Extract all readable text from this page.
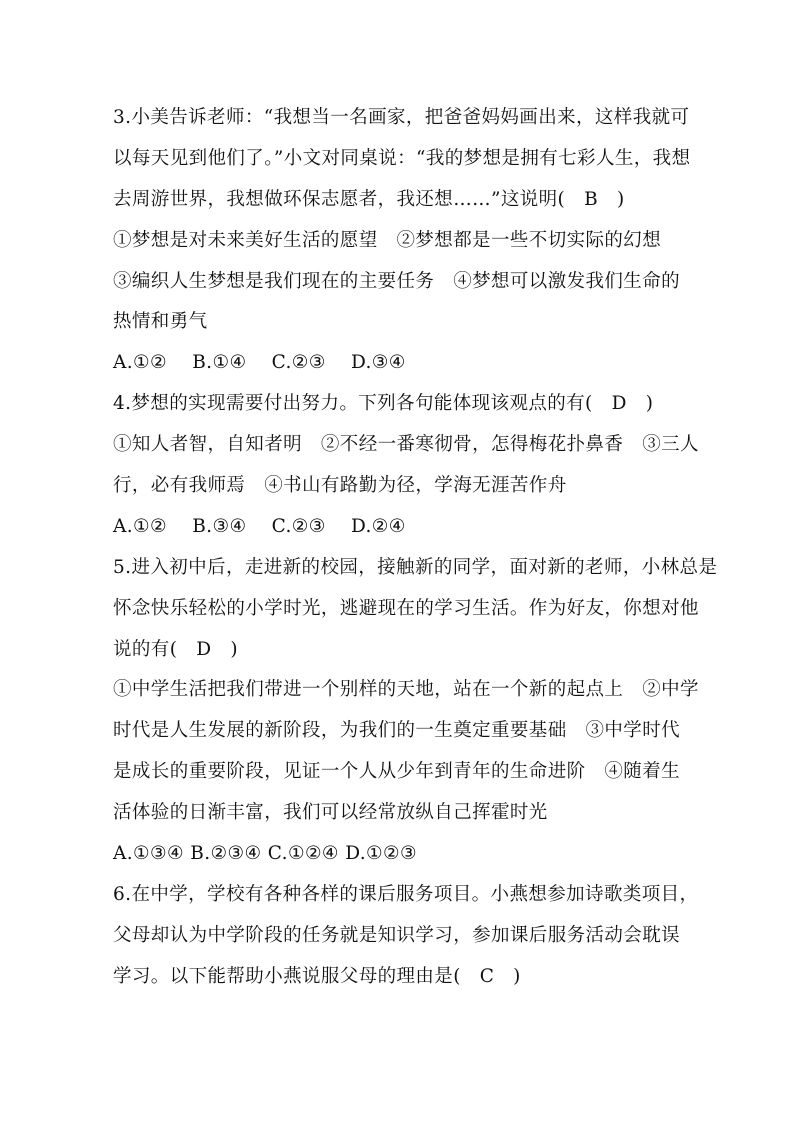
3.小美告诉老师：“我想当一名画家，把爸爸妈妈画出来，这样我就可
以每天见到他们了。”小文对同桌说：“我的梦想是拥有七彩人生，我想
去周游世界，我想做环保志愿者，我还想……”这说明(　B　)
①梦想是对未来美好生活的愿望　②梦想都是一些不切实际的幻想
③编织人生梦想是我们现在的主要任务　④梦想可以激发我们生命的
热情和勇气
A.①②　 B.①④　 C.②③　 D.③④
4.梦想的实现需要付出努力。下列各句能体现该观点的有(　D　)
①知人者智，自知者明　②不经一番寒彻骨，怎得梅花扑鼻香　③三人
行，必有我师焉　④书山有路勤为径，学海无涯苦作舟
A.①②　 B.③④　 C.②③　 D.②④
5.进入初中后，走进新的校园，接触新的同学，面对新的老师，小林总是
怀念快乐轻松的小学时光，逃避现在的学习生活。作为好友，你想对他
说的有(　D　)
①中学生活把我们带进一个别样的天地，站在一个新的起点上　②中学
时代是人生发展的新阶段，为我们的一生奠定重要基础　③中学时代
是成长的重要阶段，见证一个人从少年到青年的生命进阶　④随着生
活体验的日渐丰富，我们可以经常放纵自己挥霍时光
A.①③④ B.②③④ C.①②④ D.①②③
6.在中学，学校有各种各样的课后服务项目。小燕想参加诗歌类项目，
父母却认为中学阶段的任务就是知识学习，参加课后服务活动会耽误
学习。以下能帮助小燕说服父母的理由是(　C　)
